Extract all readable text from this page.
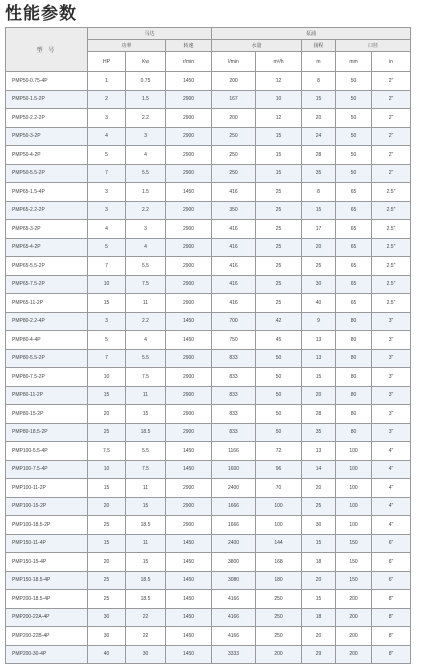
性能参数
型 号	马达			泵浦				
	功率		转速	水量		扬程	口径	
	HP	Kw	r/min	l/min	m³/h	m	mm	in
PMP50-0.75-4P	1	0.75	1450	200	12	8	50	2"
PMP50-1.5-2P	2	1.5	2900	167	10	15	50	2"
PMP50-2.2-2P	3	2.2	2900	200	12	20	50	2"
PMP50-3-2P	4	3	2900	250	15	24	50	2"
PMP50-4-2P	5	4	2900	250	15	28	50	2"
PMP50-5.5-2P	7	5.5	2900	250	15	35	50	2"
PMP65-1.5-4P	3	1.5	1450	416	25	8	65	2.5"
PMP65-2.2-2P	3	2.2	2900	350	25	15	65	2.5"
PMP65-3-2P	4	3	2900	416	25	17	65	2.5"
PMP65-4-2P	5	4	2900	416	25	20	65	2.5"
PMP65-5.5-2P	7	5.5	2900	416	25	25	65	2.5"
PMP65-7.5-2P	10	7.5	2900	416	25	30	65	2.5"
PMP65-11-2P	15	11	2900	416	25	40	65	2.5"
PMP80-2.2-4P	3	2.2	1450	700	42	9	80	3"
PMP80-4-4P	5	4	1450	750	45	13	80	3"
PMP80-5.5-2P	7	5.5	2900	833	50	13	80	3"
PMP80-7.5-2P	10	7.5	2900	833	50	15	80	3"
PMP80-11-2P	15	11	2900	833	50	20	80	3"
PMP80-15-2P	20	15	2900	833	50	28	80	3"
PMP80-18.5-2P	25	18.5	2900	833	50	35	80	3"
PMP100-5.5-4P	7.5	5.5	1450	1166	72	13	100	4"
PMP100-7.5-4P	10	7.5	1450	1600	96	14	100	4"
PMP100-11-2P	15	11	2900	2400	70	20	100	4"
PMP100-15-2P	20	15	2900	1666	100	25	100	4"
PMP100-18.5-2P	25	18.5	2900	1666	100	30	100	4"
PMP150-11-4P	15	11	1450	2400	144	15	150	6"
PMP150-15-4P	20	15	1450	3800	168	18	150	6"
PMP150-18.5-4P	25	18.5	1450	3080	180	20	150	6"
PMP200-18.5-4P	25	18.5	1450	4166	250	15	200	8"
PMP200-22A-4P	30	22	1450	4166	250	18	200	8"
PMP200-22B-4P	30	22	1450	4166	250	20	200	8"
PMP200-30-4P	40	30	1450	3333	200	29	200	8"
